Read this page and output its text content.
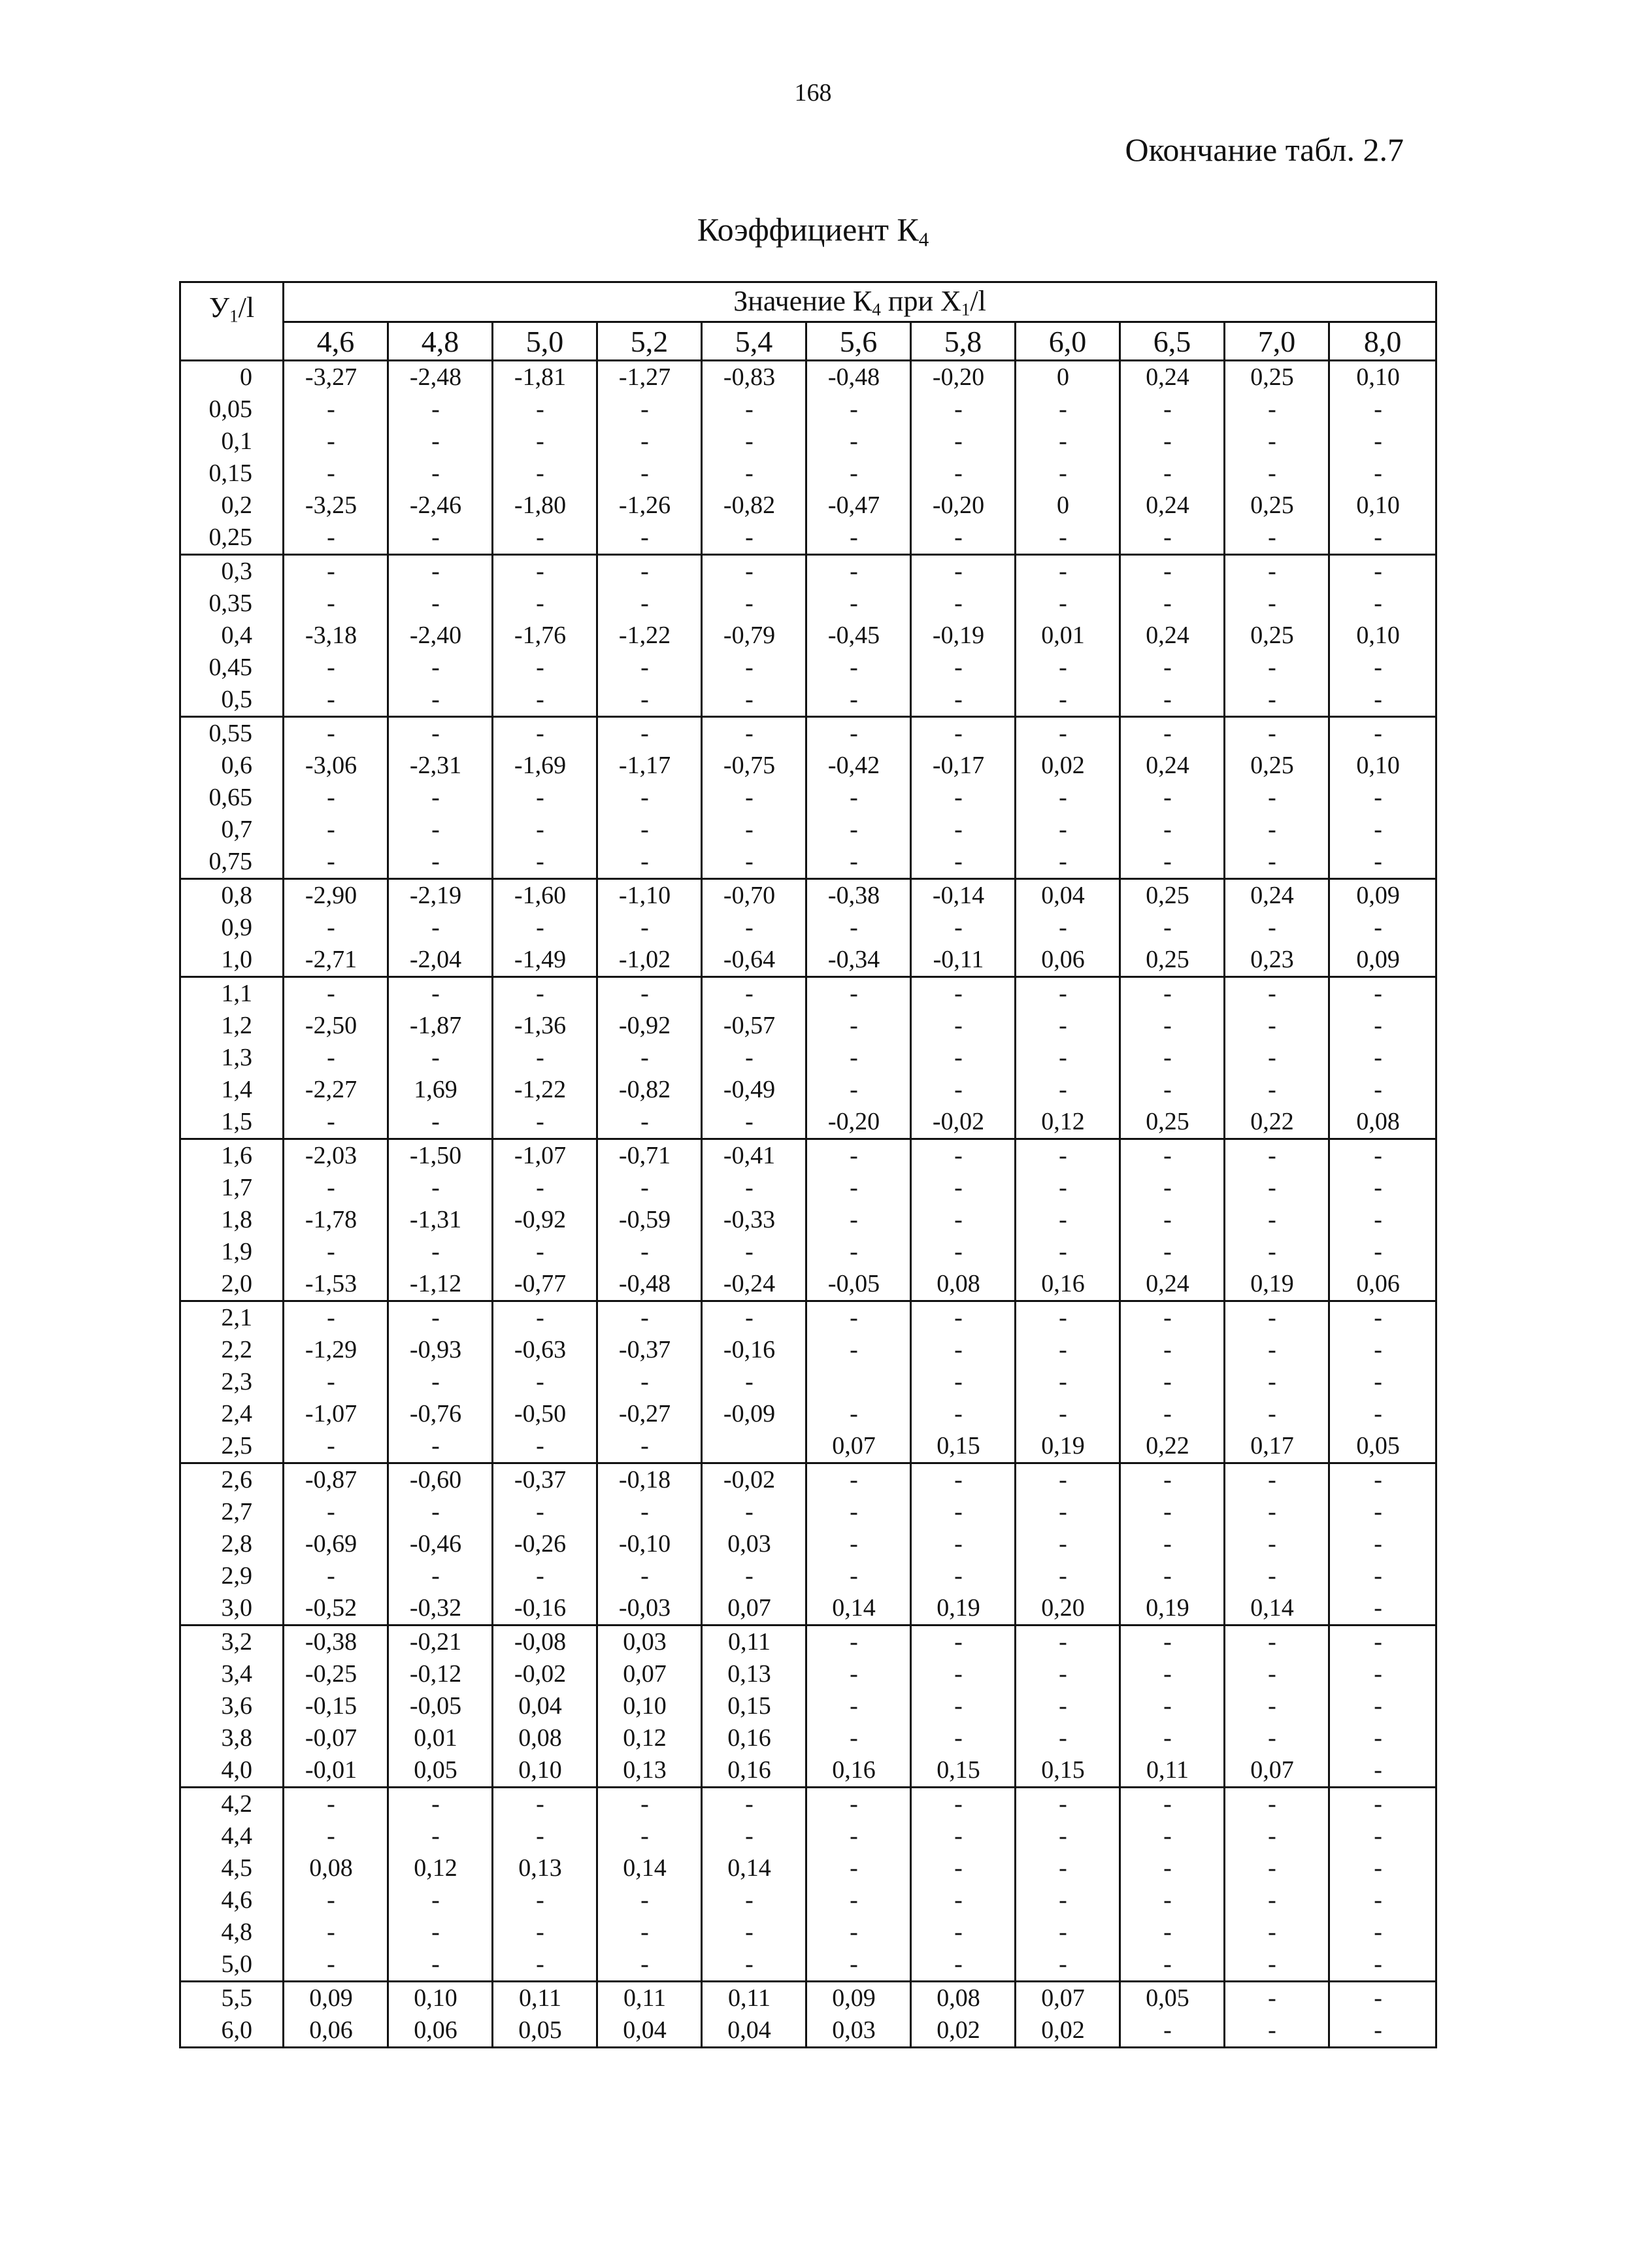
168
Окончание табл. 2.7
Коэффициент $К_4$
$У_1/l$	Значение $К_4$ при $Х_1/l$										
	4,6	4,8	5,0	5,2	5,4	5,6	5,8	6,0	6,5	7,0	8,0
0	-3,27	-2,48	-1,81	-1,27	-0,83	-0,48	-0,20	0	0,24	0,25	0,10
0,05	-	-	-	-	-	-	-	-	-	-	-
0,1	-	-	-	-	-	-	-	-	-	-	-
0,15	-	-	-	-	-	-	-	-	-	-	-
0,2	-3,25	-2,46	-1,80	-1,26	-0,82	-0,47	-0,20	0	0,24	0,25	0,10
0,25	-	-	-	-	-	-	-	-	-	-	-
0,3	-	-	-	-	-	-	-	-	-	-	-
0,35	-	-	-	-	-	-	-	-	-	-	-
0,4	-3,18	-2,40	-1,76	-1,22	-0,79	-0,45	-0,19	0,01	0,24	0,25	0,10
0,45	-	-	-	-	-	-	-	-	-	-	-
0,5	-	-	-	-	-	-	-	-	-	-	-
0,55	-	-	-	-	-	-	-	-	-	-	-
0,6	-3,06	-2,31	-1,69	-1,17	-0,75	-0,42	-0,17	0,02	0,24	0,25	0,10
0,65	-	-	-	-	-	-	-	-	-	-	-
0,7	-	-	-	-	-	-	-	-	-	-	-
0,75	-	-	-	-	-	-	-	-	-	-	-
0,8	-2,90	-2,19	-1,60	-1,10	-0,70	-0,38	-0,14	0,04	0,25	0,24	0,09
0,9	-	-	-	-	-	-	-	-	-	-	-
1,0	-2,71	-2,04	-1,49	-1,02	-0,64	-0,34	-0,11	0,06	0,25	0,23	0,09
1,1	-	-	-	-	-	-	-	-	-	-	-
1,2	-2,50	-1,87	-1,36	-0,92	-0,57	-	-	-	-	-	-
1,3	-	-	-	-	-	-	-	-	-	-	-
1,4	-2,27	1,69	-1,22	-0,82	-0,49	-	-	-	-	-	-
1,5	-	-	-	-	-	-0,20	-0,02	0,12	0,25	0,22	0,08
1,6	-2,03	-1,50	-1,07	-0,71	-0,41	-	-	-	-	-	-
1,7	-	-	-	-	-	-	-	-	-	-	-
1,8	-1,78	-1,31	-0,92	-0,59	-0,33	-	-	-	-	-	-
1,9	-	-	-	-	-	-	-	-	-	-	-
2,0	-1,53	-1,12	-0,77	-0,48	-0,24	-0,05	0,08	0,16	0,24	0,19	0,06
2,1	-	-	-	-	-	-	-	-	-	-	-
2,2	-1,29	-0,93	-0,63	-0,37	-0,16	-	-	-	-	-	-
2,3	-	-	-	-	-		-	-	-	-	-
2,4	-1,07	-0,76	-0,50	-0,27	-0,09	-	-	-	-	-	-
2,5	-	-	-	-		0,07	0,15	0,19	0,22	0,17	0,05
2,6	-0,87	-0,60	-0,37	-0,18	-0,02	-	-	-	-	-	-
2,7	-	-	-	-	-	-	-	-	-	-	-
2,8	-0,69	-0,46	-0,26	-0,10	0,03	-	-	-	-	-	-
2,9	-	-	-	-	-	-	-	-	-	-	-
3,0	-0,52	-0,32	-0,16	-0,03	0,07	0,14	0,19	0,20	0,19	0,14	-
3,2	-0,38	-0,21	-0,08	0,03	0,11	-	-	-	-	-	-
3,4	-0,25	-0,12	-0,02	0,07	0,13	-	-	-	-	-	-
3,6	-0,15	-0,05	0,04	0,10	0,15	-	-	-	-	-	-
3,8	-0,07	0,01	0,08	0,12	0,16	-	-	-	-	-	-
4,0	-0,01	0,05	0,10	0,13	0,16	0,16	0,15	0,15	0,11	0,07	-
4,2	-	-	-	-	-	-	-	-	-	-	-
4,4	-	-	-	-	-	-	-	-	-	-	-
4,5	0,08	0,12	0,13	0,14	0,14	-	-	-	-	-	-
4,6	-	-	-	-	-	-	-	-	-	-	-
4,8	-	-	-	-	-	-	-	-	-	-	-
5,0	-	-	-	-	-	-	-	-	-	-	-
5,5	0,09	0,10	0,11	0,11	0,11	0,09	0,08	0,07	0,05	-	-
6,0	0,06	0,06	0,05	0,04	0,04	0,03	0,02	0,02	-	-	-
